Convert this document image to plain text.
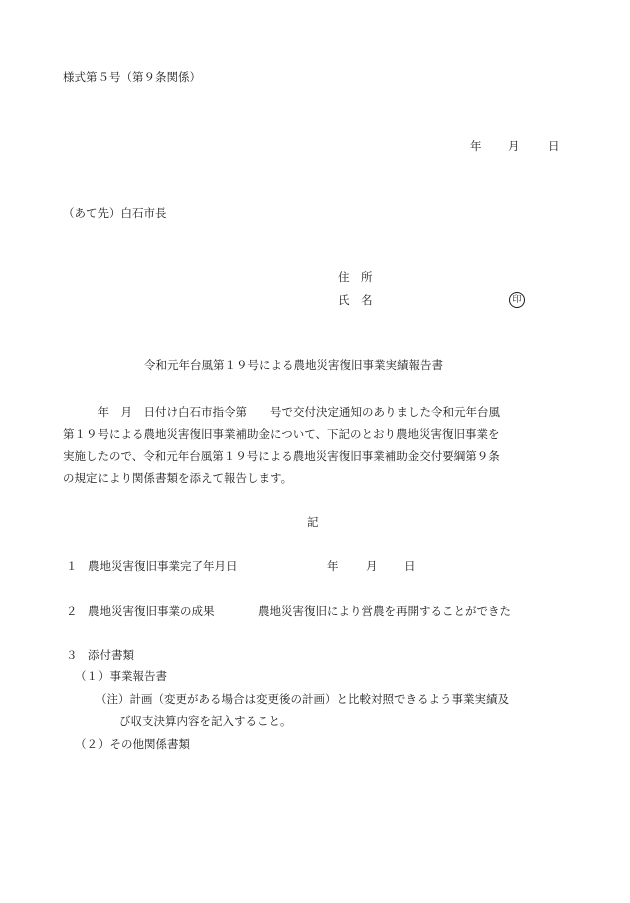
様式第５号（第９条関係）
年 月 日
（あて先）白石市長
住　所
氏　名	印
令和元年台風第１９号による農地災害復旧事業実績報告書
　　　年　月　日付け白石市指令第　　号で交付決定通知のありました令和元年台風
第１９号による農地災害復旧事業補助金について、下記のとおり農地災害復旧事業を
実施したので、令和元年台風第１９号による農地災害復旧事業補助金交付要綱第９条
の規定により関係書類を添えて報告します。
記
１ 農地災害復旧事業完了年月日	年 月 日
２ 農地災害復旧事業の成果	農地災害復旧により営農を再開することができた
３ 添付書類
（１）事業報告書
（注）計画（変更がある場合は変更後の計画）と比較対照できるよう事業実績及
び収支決算内容を記入すること。
（２）その他関係書類
